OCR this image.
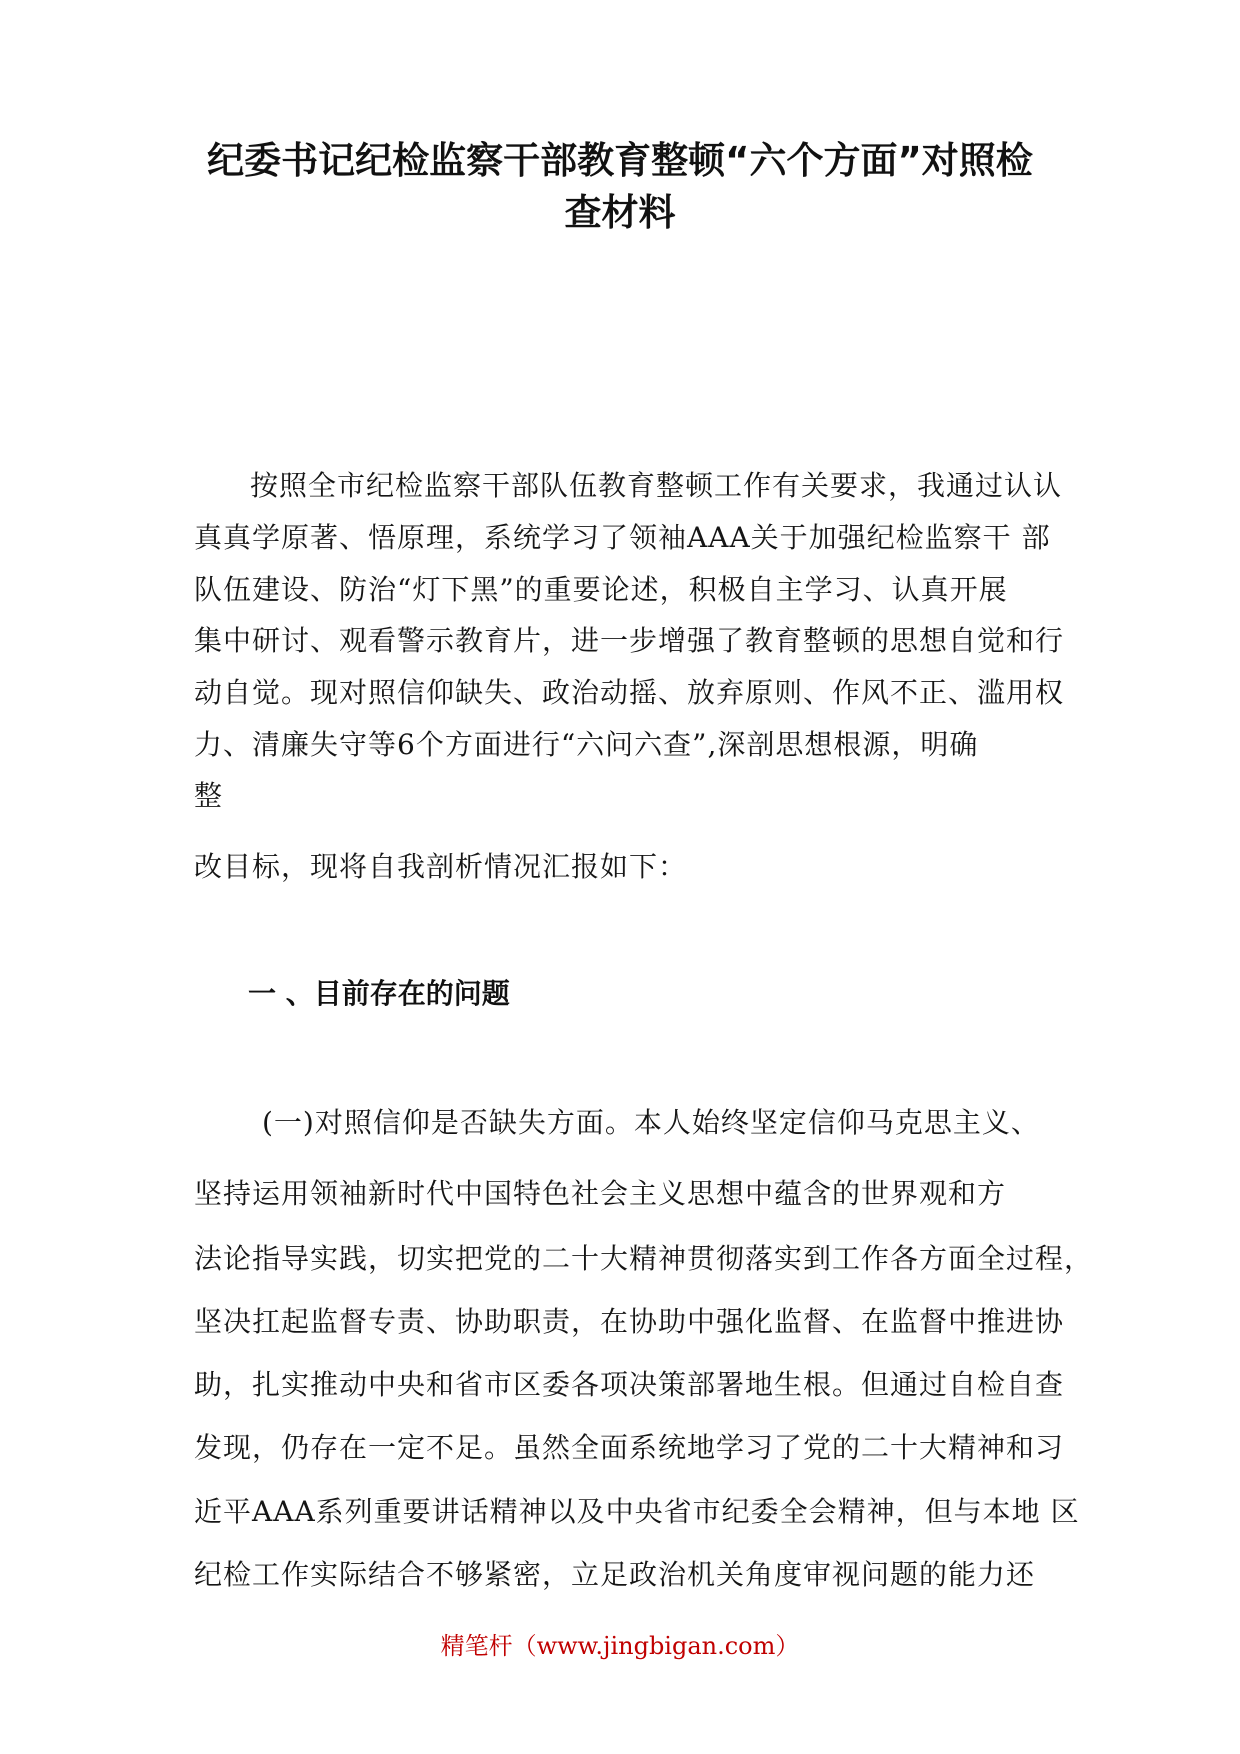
纪委书记纪检监察干部教育整顿“六个方面”对照检
查材料
按照全市纪检监察干部队伍教育整顿工作有关要求，我通过认认
真真学原著、悟原理，系统学习了领袖AAA关于加强纪检监察干 部
队伍建设、防治“灯下黑”的重要论述，积极自主学习、认真开展
集中研讨、观看警示教育片，进一步增强了教育整顿的思想自觉和行
动自觉。现对照信仰缺失、政治动摇、放弃原则、作风不正、滥用权
力、清廉失守等6个方面进行“六问六查”,深剖思想根源，明确
整
改目标，现将自我剖析情况汇报如下：
一 、目前存在的问题
(一)对照信仰是否缺失方面。本人始终坚定信仰马克思主义、
坚持运用领袖新时代中国特色社会主义思想中蕴含的世界观和方
法论指导实践，切实把党的二十大精神贯彻落实到工作各方面全过程，
坚决扛起监督专责、协助职责，在协助中强化监督、在监督中推进协
助，扎实推动中央和省市区委各项决策部署地生根。但通过自检自查
发现，仍存在一定不足。虽然全面系统地学习了党的二十大精神和习
近平AAA系列重要讲话精神以及中央省市纪委全会精神，但与本地 区
纪检工作实际结合不够紧密，立足政治机关角度审视问题的能力还
精笔杆（www.jingbigan.com）
